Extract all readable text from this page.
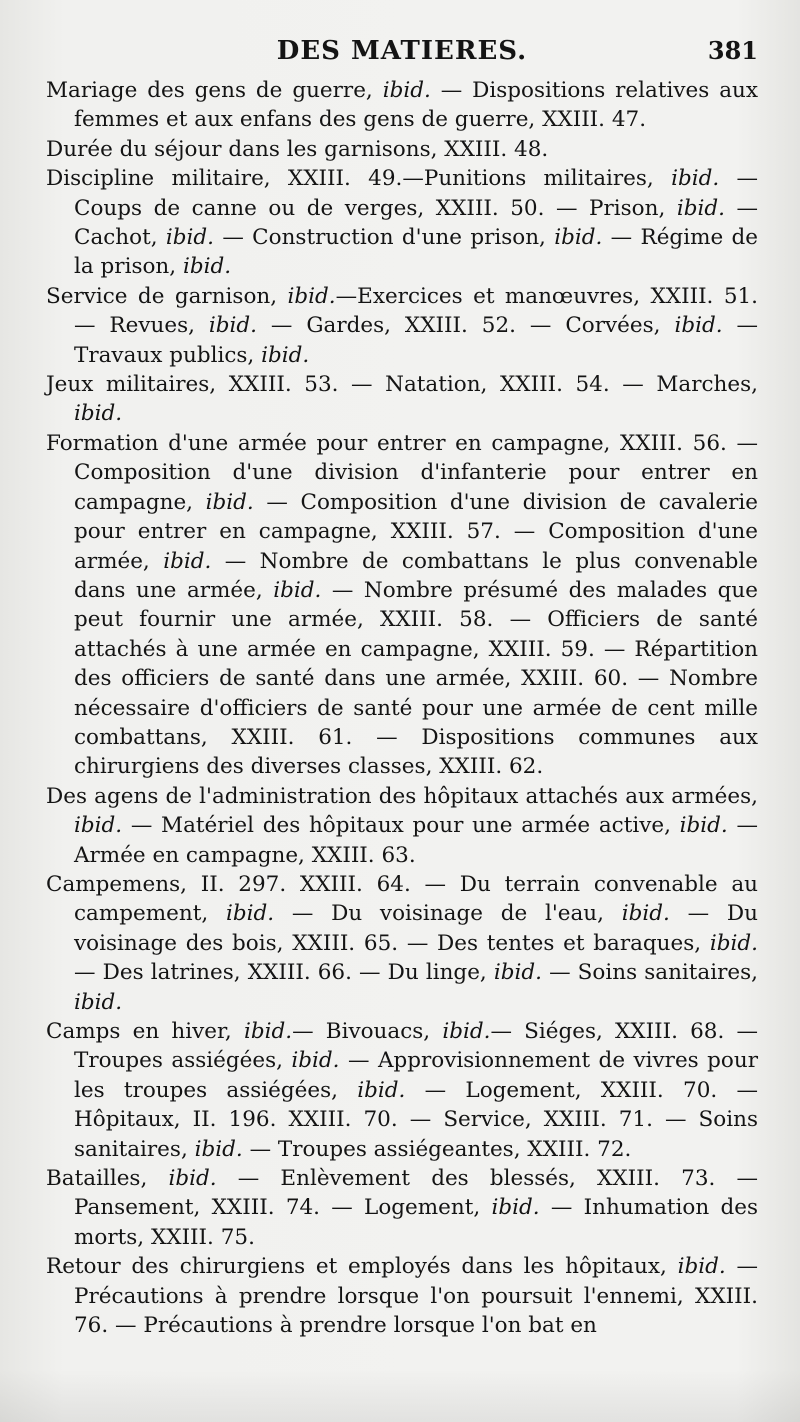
DES MATIERES.	381
Mariage des gens de guerre, ibid. — Dispositions relatives aux femmes et aux enfans des gens de guerre, XXIII. 47.
Durée du séjour dans les garnisons, XXIII. 48.
Discipline militaire, XXIII. 49.—Punitions militaires, ibid. — Coups de canne ou de verges, XXIII. 50. — Prison, ibid. — Cachot, ibid. — Construction d'une prison, ibid. — Régime de la prison, ibid.
Service de garnison, ibid.—Exercices et manœuvres, XXIII. 51. — Revues, ibid. — Gardes, XXIII. 52. — Corvées, ibid. —Travaux publics, ibid.
Jeux militaires, XXIII. 53. — Natation, XXIII. 54. — Marches, ibid.
Formation d'une armée pour entrer en campagne, XXIII. 56. —Composition d'une division d'infanterie pour entrer en campagne, ibid. — Composition d'une division de cavalerie pour entrer en campagne, XXIII. 57. — Composition d'une armée, ibid. — Nombre de combattans le plus convenable dans une armée, ibid. — Nombre présumé des malades que peut fournir une armée, XXIII. 58. — Officiers de santé attachés à une armée en campagne, XXIII. 59. — Répartition des officiers de santé dans une armée, XXIII. 60. — Nombre nécessaire d'officiers de santé pour une armée de cent mille combattans, XXIII. 61. — Dispositions communes aux chirurgiens des diverses classes, XXIII. 62.
Des agens de l'administration des hôpitaux attachés aux armées, ibid. — Matériel des hôpitaux pour une armée active, ibid. — Armée en campagne, XXIII. 63.
Campemens, II. 297. XXIII. 64. — Du terrain convenable au campement, ibid. — Du voisinage de l'eau, ibid. — Du voisinage des bois, XXIII. 65. — Des tentes et baraques, ibid. — Des latrines, XXIII. 66. — Du linge, ibid. — Soins sanitaires, ibid.
Camps en hiver, ibid.— Bivouacs, ibid.— Siéges, XXIII. 68. —Troupes assiégées, ibid. — Approvisionnement de vivres pour les troupes assiégées, ibid. — Logement, XXIII. 70. — Hôpitaux, II. 196. XXIII. 70. — Service, XXIII. 71. — Soins sanitaires, ibid. — Troupes assiégeantes, XXIII. 72.
Batailles, ibid. — Enlèvement des blessés, XXIII. 73. — Pansement, XXIII. 74. — Logement, ibid. — Inhumation des morts, XXIII. 75.
Retour des chirurgiens et employés dans les hôpitaux, ibid. — Précautions à prendre lorsque l'on poursuit l'ennemi, XXIII. 76. — Précautions à prendre lorsque l'on bat en
